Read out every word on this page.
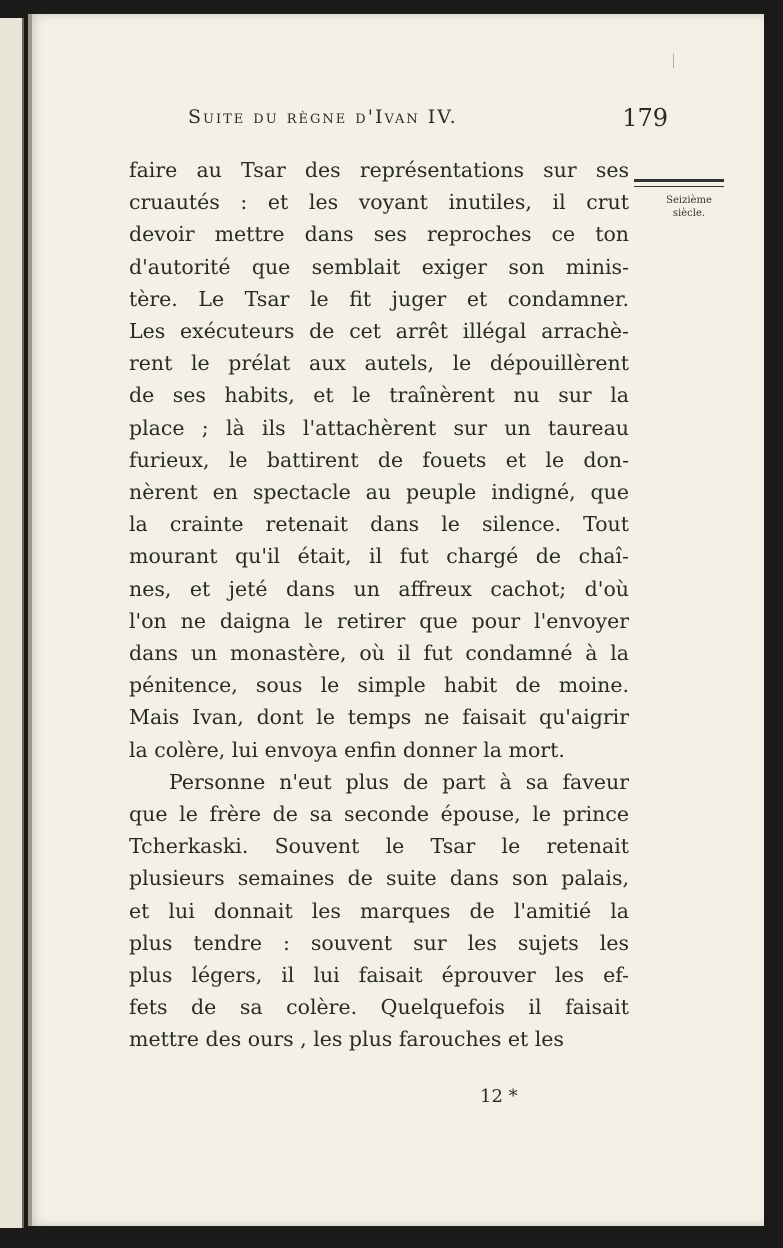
Suite du règne d'Ivan IV.	179
Seizième
siècle.
faire au Tsar des représentations sur ses
cruautés : et les voyant inutiles, il crut
devoir mettre dans ses reproches ce ton
d'autorité que semblait exiger son minis-
tère. Le Tsar le fit juger et condamner.
Les exécuteurs de cet arrêt illégal arrachè-
rent le prélat aux autels, le dépouillèrent
de ses habits, et le traînèrent nu sur la
place ; là ils l'attachèrent sur un taureau
furieux, le battirent de fouets et le don-
nèrent en spectacle au peuple indigné, que
la crainte retenait dans le silence. Tout
mourant qu'il était, il fut chargé de chaî-
nes, et jeté dans un affreux cachot; d'où
l'on ne daigna le retirer que pour l'envoyer
dans un monastère, où il fut condamné à la
pénitence, sous le simple habit de moine.
Mais Ivan, dont le temps ne faisait qu'aigrir
la colère, lui envoya enfin donner la mort.
Personne n'eut plus de part à sa faveur
que le frère de sa seconde épouse, le prince
Tcherkaski. Souvent le Tsar le retenait
plusieurs semaines de suite dans son palais,
et lui donnait les marques de l'amitié la
plus tendre : souvent sur les sujets les
plus légers, il lui faisait éprouver les ef-
fets de sa colère. Quelquefois il faisait
mettre des ours , les plus farouches et les
12 *
